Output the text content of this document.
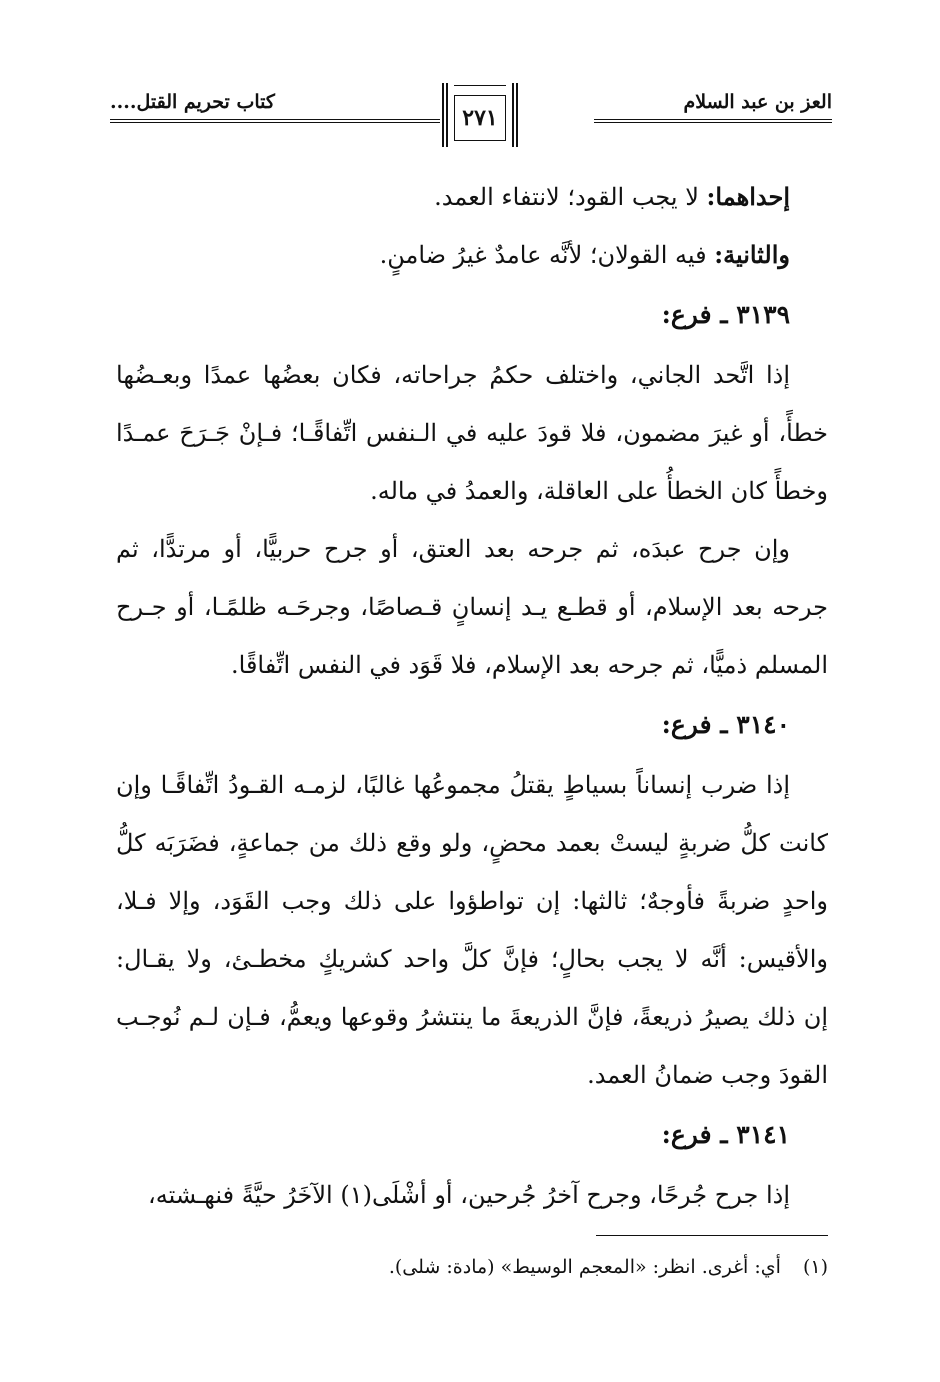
العز بن عبد السلام
٢٧١
كتاب تحريم القتل....
إحداهما: لا يجب القود؛ لانتفاء العمد.
والثانية: فيه القولان؛ لأنَّه عامدٌ غيرُ ضامنٍ.
٣١٣٩ ـ فرع:
إذا اتَّحد الجاني، واختلف حكمُ جراحاته، فكان بعضُها عمدًا وبعـضُها
خطأً، أو غيرَ مضمون، فلا قودَ عليه في الـنفس اتِّفاقًـا؛ فـإنْ جَـرَحَ عمـدًا
وخطأً كان الخطأُ على العاقلة، والعمدُ في ماله.
وإن جرح عبدَه، ثم جرحه بعد العتق، أو جرح حربيًّا، أو مرتدًّا، ثم
جرحه بعد الإسلام، أو قطـع يـد إنسانٍ قـصاصًا، وجرحَـه ظلمًـا، أو جـرح
المسلم ذميًّا، ثم جرحه بعد الإسلام، فلا قَوَد في النفس اتِّفاقًا.
٣١٤٠ ـ فرع:
إذا ضرب إنساناً بسياطٍ يقتلُ مجموعُها غالبًا، لزمـه القـودُ اتِّفاقًـا وإن
كانت كلُّ ضربةٍ ليستْ بعمد محضٍ، ولو وقع ذلك من جماعةٍ، فضَرَبَه كلُّ
واحدٍ ضربةً فأوجهٌ؛ ثالثها: إن تواطؤوا على ذلك وجب القَوَد، وإلا فـلا،
والأقيس: أنَّه لا يجب بحالٍ؛ فإنَّ كلَّ واحد كشريكٍ مخطـئ، ولا يقـال:
إن ذلك يصيرُ ذريعةً، فإنَّ الذريعةَ ما ينتشرُ وقوعها ويعمُّ، فـإن لـم نُوجـب
القودَ وجب ضمانُ العمد.
٣١٤١ ـ فرع:
إذا جرح جُرحًا، وجرح آخرُ جُرحين، أو أشْلَى(١) الآخَرُ حيَّةً فنهـشته،
(١)أي: أغرى. انظر: «المعجم الوسيط» (مادة: شلى).
